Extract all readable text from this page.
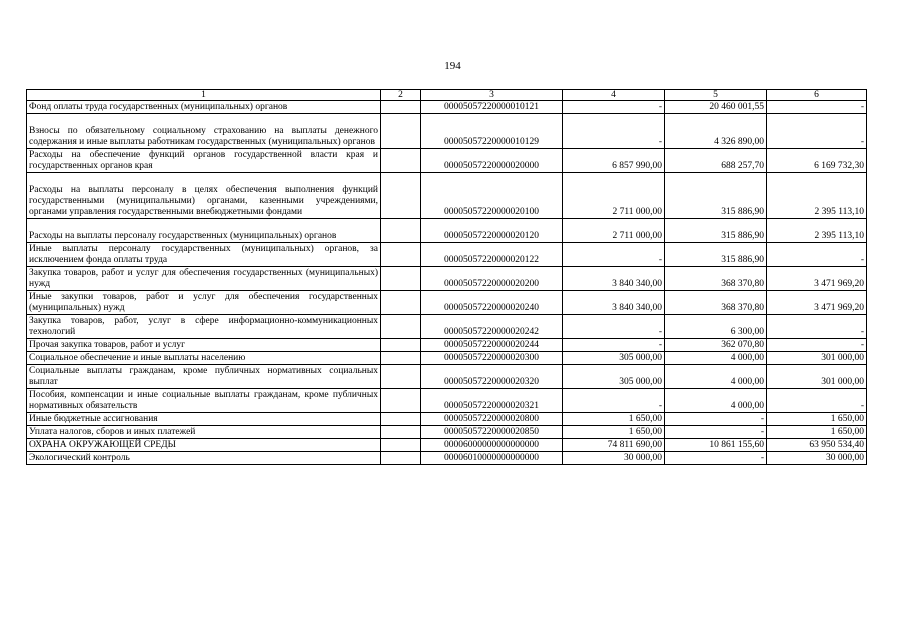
194
1	2	3	4	5	6
Фонд оплаты труда государственных (муниципальных) органов		00005057220000010121	-	20 460 001,55	-
Взносы по обязательному социальному страхованию на выплаты денежного содержания и иные выплаты работникам государственных (муниципальных) органов		00005057220000010129	-	4 326 890,00	-
Расходы на обеспечение функций органов государственной власти края и государственных органов края		00005057220000020000	6 857 990,00	688 257,70	6 169 732,30
Расходы на выплаты персоналу в целях обеспечения выполнения функций государственными (муниципальными) органами, казенными учреждениями, органами управления государственными внебюджетными фондами		00005057220000020100	2 711 000,00	315 886,90	2 395 113,10
Расходы на выплаты персоналу государственных (муниципальных) органов		00005057220000020120	2 711 000,00	315 886,90	2 395 113,10
Иные выплаты персоналу государственных (муниципальных) органов, за исключением фонда оплаты труда		00005057220000020122	-	315 886,90	-
Закупка товаров, работ и услуг для обеспечения государственных (муниципальных) нужд		00005057220000020200	3 840 340,00	368 370,80	3 471 969,20
Иные закупки товаров, работ и услуг для обеспечения государственных (муниципальных) нужд		00005057220000020240	3 840 340,00	368 370,80	3 471 969,20
Закупка товаров, работ, услуг в сфере информационно-коммуникационных технологий		00005057220000020242	-	6 300,00	-
Прочая закупка товаров, работ и услуг		00005057220000020244	-	362 070,80	-
Социальное обеспечение и иные выплаты населению		00005057220000020300	305 000,00	4 000,00	301 000,00
Социальные выплаты гражданам, кроме публичных нормативных социальных выплат		00005057220000020320	305 000,00	4 000,00	301 000,00
Пособия, компенсации и иные социальные выплаты гражданам, кроме публичных нормативных обязательств		00005057220000020321	-	4 000,00	-
Иные бюджетные ассигнования		00005057220000020800	1 650,00	-	1 650,00
Уплата налогов, сборов и иных платежей		00005057220000020850	1 650,00	-	1 650,00
ОХРАНА ОКРУЖАЮЩЕЙ СРЕДЫ		00006000000000000000	74 811 690,00	10 861 155,60	63 950 534,40
Экологический контроль		00006010000000000000	30 000,00	-	30 000,00
